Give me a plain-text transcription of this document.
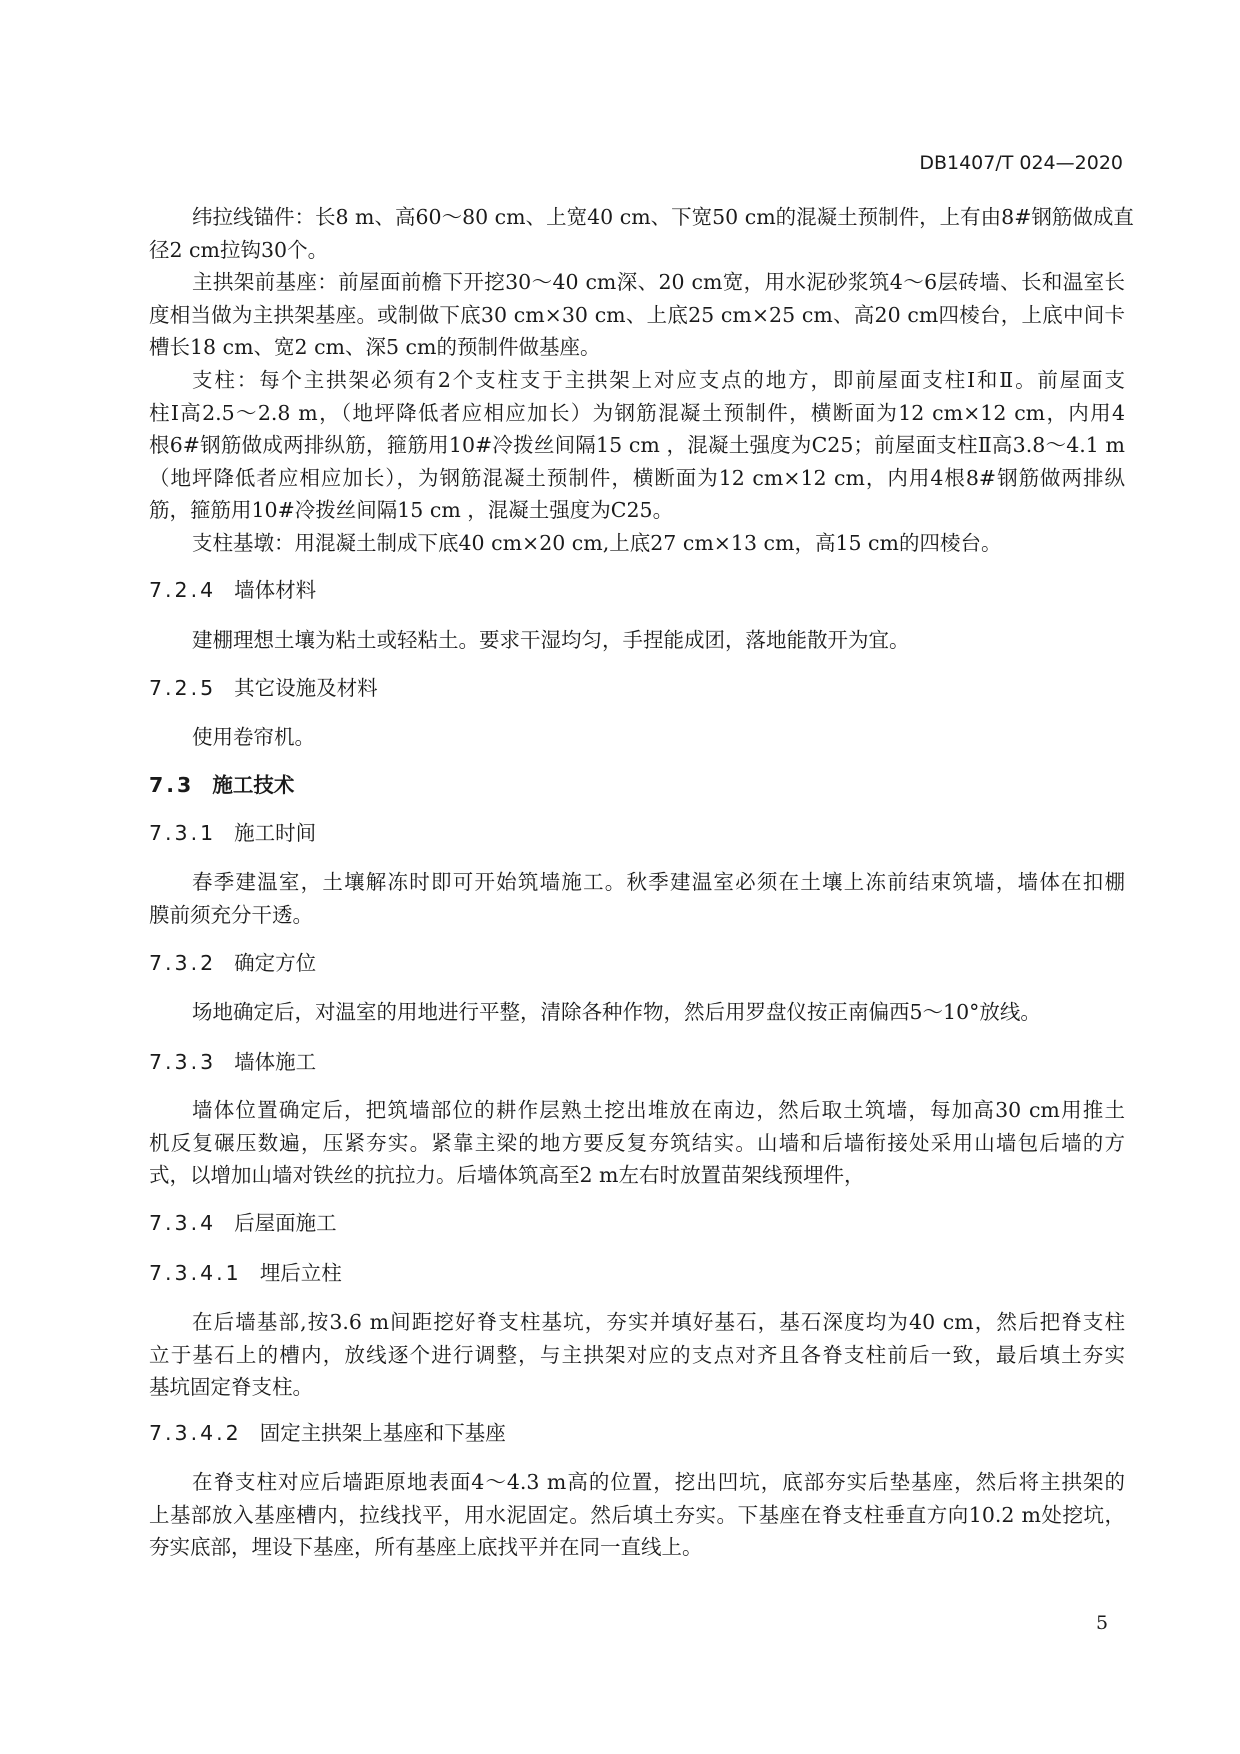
DB1407/T 024—2020
纬拉线锚件：长8 m、高60～80 cm、上宽40 cm、下宽50 cm的混凝土预制件，上有由8#钢筋做成直
径2 cm拉钩30个。
主拱架前基座：前屋面前檐下开挖30～40 cm深、20 cm宽，用水泥砂浆筑4～6层砖墙、长和温室长
度相当做为主拱架基座。或制做下底30 cm×30 cm、上底25 cm×25 cm、高20 cm四棱台，上底中间卡
槽长18 cm、宽2 cm、深5 cm的预制件做基座。
支柱：每个主拱架必须有2个支柱支于主拱架上对应支点的地方，即前屋面支柱Ⅰ和Ⅱ。前屋面支
柱Ⅰ高2.5～2.8 m，（地坪降低者应相应加长）为钢筋混凝土预制件，横断面为12 cm×12 cm，内用4
根6#钢筋做成两排纵筋，箍筋用10#冷拨丝间隔15 cm ，混凝土强度为C25；前屋面支柱Ⅱ高3.8～4.1 m
（地坪降低者应相应加长），为钢筋混凝土预制件，横断面为12 cm×12 cm，内用4根8#钢筋做两排纵
筋，箍筋用10#冷拨丝间隔15 cm ，混凝土强度为C25。
支柱基墩：用混凝土制成下底40 cm×20 cm,上底27 cm×13 cm，高15 cm的四棱台。
7.2.4 墙体材料
建棚理想土壤为粘土或轻粘土。要求干湿均匀，手捏能成团，落地能散开为宜。
7.2.5 其它设施及材料
使用卷帘机。
7.3 施工技术
7.3.1 施工时间
春季建温室，土壤解冻时即可开始筑墙施工。秋季建温室必须在土壤上冻前结束筑墙，墙体在扣棚
膜前须充分干透。
7.3.2 确定方位
场地确定后，对温室的用地进行平整，清除各种作物，然后用罗盘仪按正南偏西5～10°放线。
7.3.3 墙体施工
墙体位置确定后，把筑墙部位的耕作层熟土挖出堆放在南边，然后取土筑墙，每加高30 cm用推土
机反复碾压数遍，压紧夯实。紧靠主梁的地方要反复夯筑结实。山墙和后墙衔接处采用山墙包后墙的方
式，以增加山墙对铁丝的抗拉力。后墙体筑高至2 m左右时放置苗架线预埋件，
7.3.4 后屋面施工
7.3.4.1 埋后立柱
在后墙基部,按3.6 m间距挖好脊支柱基坑，夯实并填好基石，基石深度均为40 cm，然后把脊支柱
立于基石上的槽内，放线逐个进行调整，与主拱架对应的支点对齐且各脊支柱前后一致，最后填土夯实
基坑固定脊支柱。
7.3.4.2 固定主拱架上基座和下基座
在脊支柱对应后墙距原地表面4～4.3 m高的位置，挖出凹坑，底部夯实后垫基座，然后将主拱架的
上基部放入基座槽内，拉线找平，用水泥固定。然后填土夯实。下基座在脊支柱垂直方向10.2 m处挖坑，
夯实底部，埋设下基座，所有基座上底找平并在同一直线上。
5
